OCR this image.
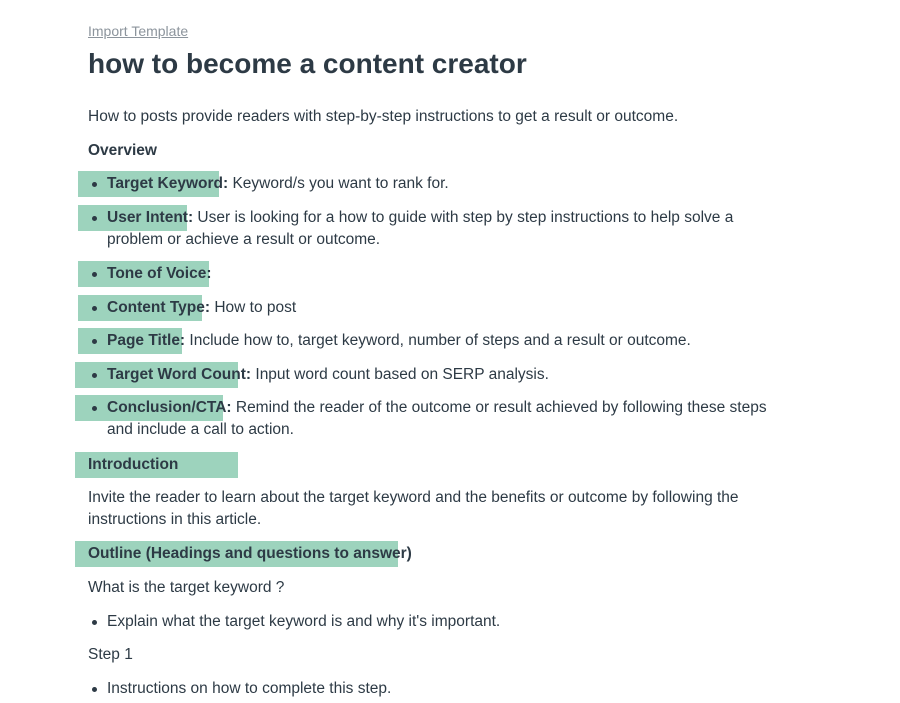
Import Template
how to become a content creator
How to posts provide readers with step-by-step instructions to get a result or outcome.
Overview
Target Keyword: Keyword/s you want to rank for.
User Intent: User is looking for a how to guide with step by step instructions to help solve a problem or achieve a result or outcome.
Tone of Voice:
Content Type: How to post
Page Title: Include how to, target keyword, number of steps and a result or outcome.
Target Word Count: Input word count based on SERP analysis.
Conclusion/CTA: Remind the reader of the outcome or result achieved by following these steps and include a call to action.
Introduction
Invite the reader to learn about the target keyword and the benefits or outcome by following the instructions in this article.
Outline (Headings and questions to answer)
What is the target keyword ?
Explain what the target keyword is and why it's important.
Step 1
Instructions on how to complete this step.
